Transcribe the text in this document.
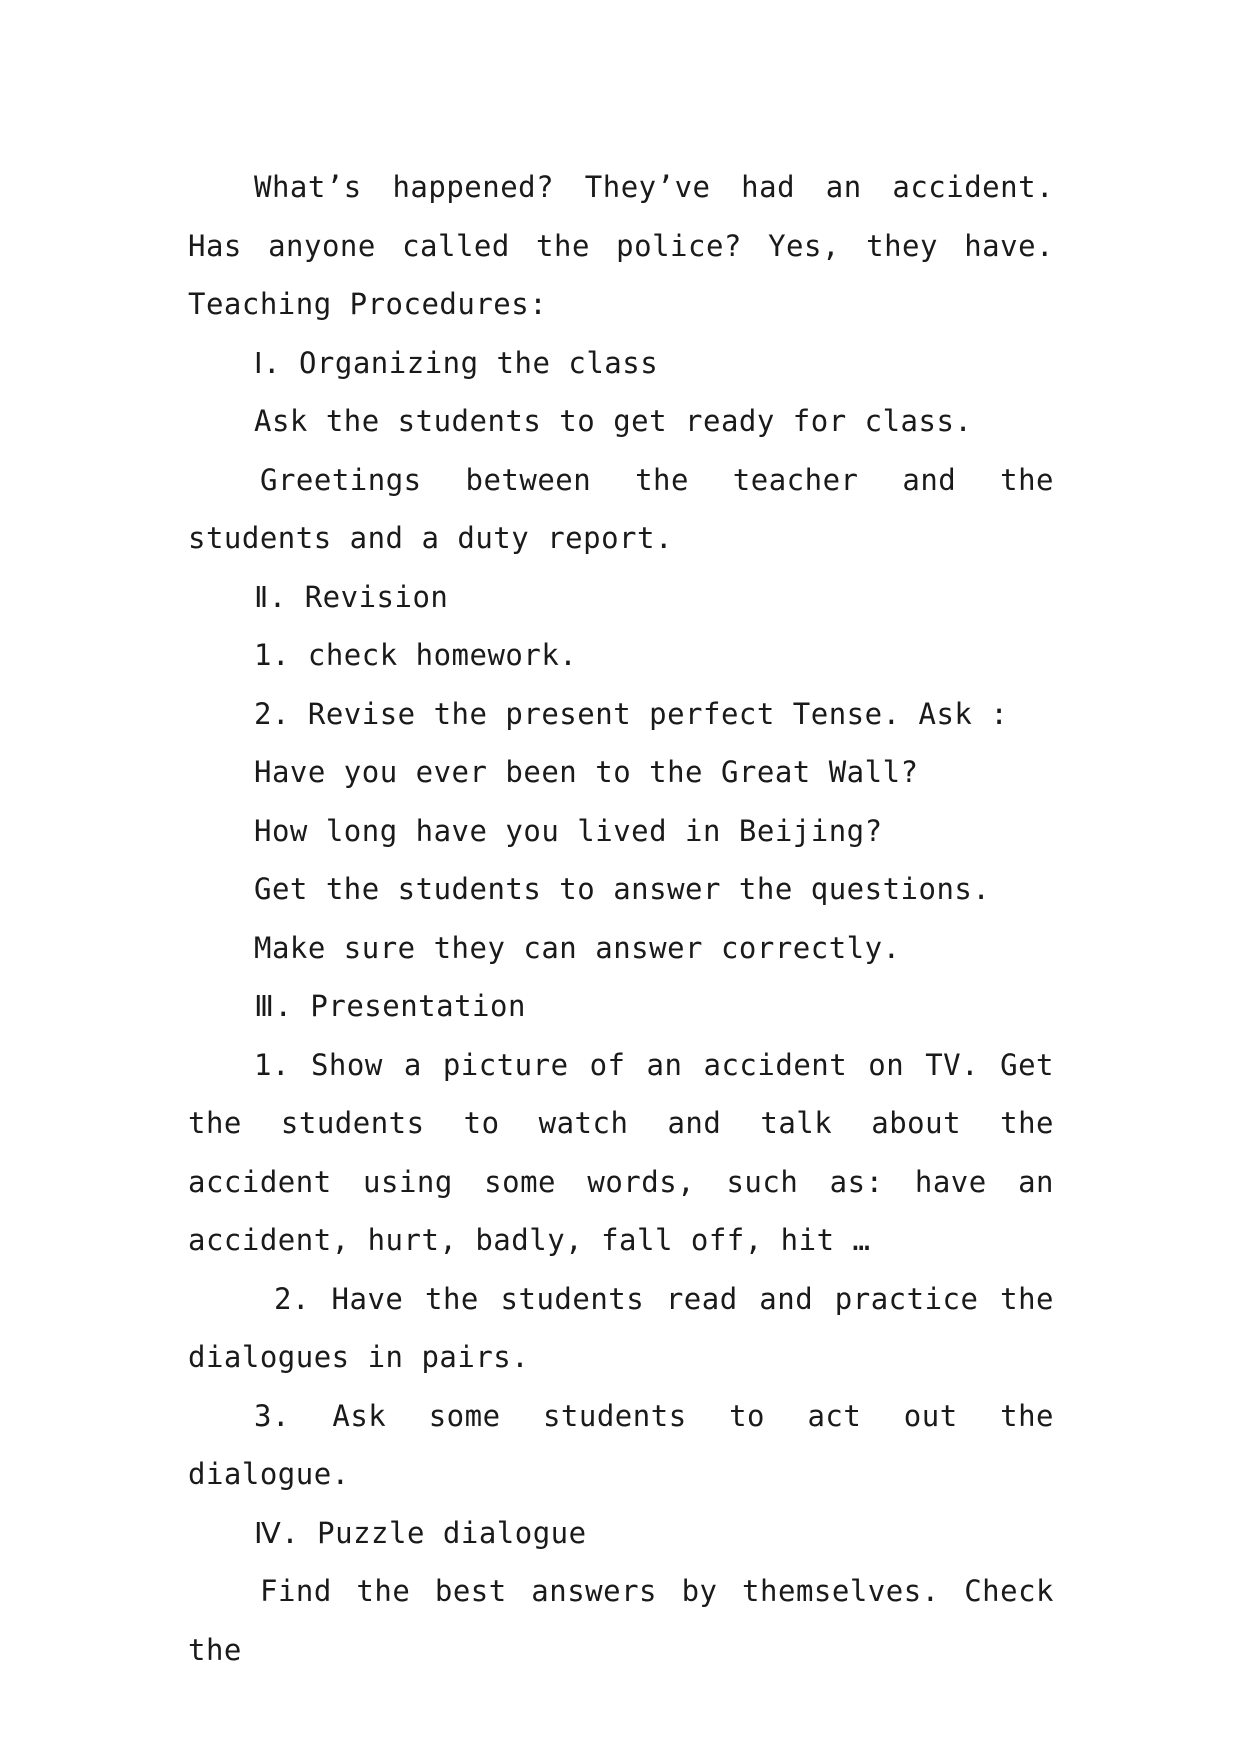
What’s happened? They’ve had an accident. Has anyone called the police? Yes, they have. Teaching Procedures:

Ⅰ. Organizing the class

Ask the students to get ready for class.

Greetings between the teacher and the students and a duty report.

Ⅱ. Revision

1. check homework.

2. Revise the present perfect Tense. Ask :

Have you ever been to the Great Wall?

How long have you lived in Beijing?

Get the students to answer the questions.

Make sure they can answer correctly.

Ⅲ. Presentation

1. Show a picture of an accident on TV. Get the students to watch and talk about the accident using some words, such as: have an accident, hurt, badly, fall off, hit …

2. Have the students read and practice the dialogues in pairs.

3. Ask some students to act out the dialogue.

Ⅳ. Puzzle dialogue

Find the best answers by themselves. Check the
